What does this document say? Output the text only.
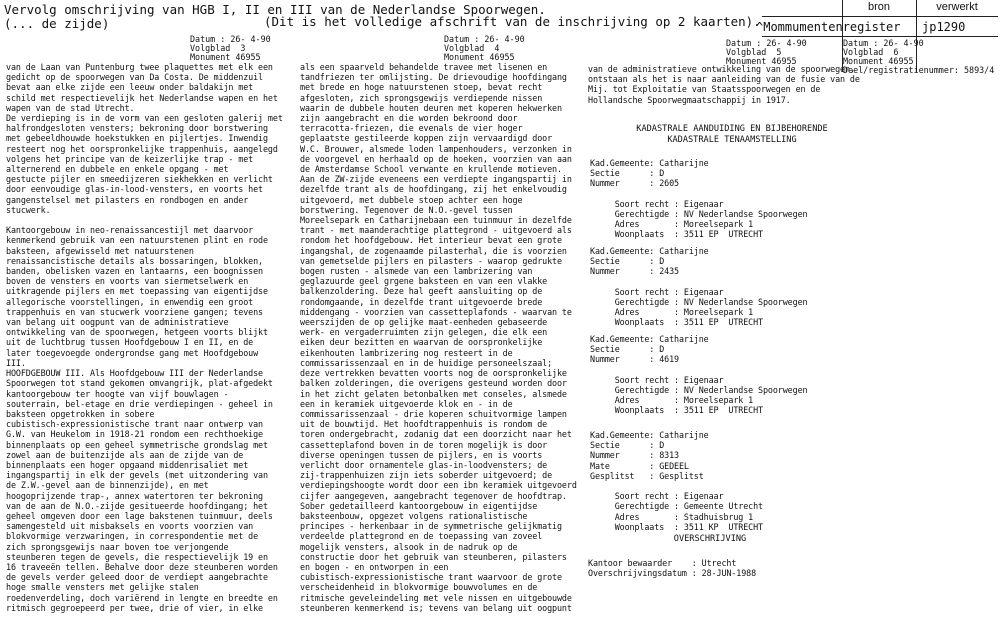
Vervolg omschrijving van HGB I, II en III van de Nederlandse Spoorwegen.
(... de zijde)	(Dit is het volledige afschrift van de inschrijving op 2 kaarten).
bron	verwerkt
^Mommumentenregister jp1290
Datum : 26- 4-90
Volgblad  3
Monument 46955
Datum : 26- 4-90
Volgblad  4
Monument 46955
Datum : 26- 4-90
Volgblad  5
Monument 46955
Datum : 26- 4-90
Volgblad  6
Monument 46955
Deel/registratienummer: 5893/4
van de Laan van Puntenburg twee plaquettes met elk een
gedicht op de spoorwegen van Da Costa. De middenzuil
bevat aan elke zijde een leeuw onder baldakijn met
schild met respectievelijk het Nederlandse wapen en het
wapen van de stad Utrecht.
De verdieping is in de vorm van een gesloten galerij met
halfrondgesloten vensters; bekroning door borstwering
met gebeeldhouwde hoekstukken en pijlertjes. Inwendig
resteert nog het oorspronkelijke trappenhuis, aangelegd
volgens het principe van de keizerlijke trap - met
alternerend en dubbele en enkele opgang - met
gestucte pijler en smeedijzeren siekhekken en verlicht
door eenvoudige glas-in-lood-vensters, en voorts het
gangenstelsel met pilasters en rondbogen en ander
stucwerk.

Kantoorgebouw in neo-renaissancestijl met daarvoor
kenmerkend gebruik van een natuurstenen plint en rode
baksteen, afgewisseld met natuurstenen
renaissancistische details als bossaringen, blokken,
banden, obelisken vazen en lantaarns, een boognissen
boven de vensters en voorts van siermetselwerk en
uitkragende pijlers en met toepassing van eigentijdse
allegorische voorstellingen, in enwendig een groot
trappenhuis en van stucwerk voorziene gangen; tevens
van belang uit oogpunt van de administratieve
ontwikkeling van de spoorwegen, hetgeen voorts blijkt
uit de luchtbrug tussen Hoofdgebouw I en II, en de
later toegevoegde ondergrondse gang met Hoofdgebouw
III.
HOOFDGEBOUW III. Als Hoofdgebouw III der Nederlandse
Spoorwegen tot stand gekomen omvangrijk, plat-afgedekt
kantoorgebouw ter hoogte van vijf bouwlagen -
souterrain, bel-etage en drie verdiepingen - geheel in
baksteen opgetrokken in sobere
cubistisch-expressionistische trant naar ontwerp van
G.W. van Heukelom in 1918-21 rondom een rechthoekige
binnenplaats op een geheel symmetrische grondslag met
zowel aan de buitenzijde als aan de zijde van de
binnenplaats een hoger opgaand middenrisaliet met
ingangspartij in elk der gevels (met uitzondering van
de Z.W.-gevel aan de binnenzijde), en met
hoogoprijzende trap-, annex watertoren ter bekroning
van de aan de N.O.-zijde gesitueerde hoofdingang; het
geheel omgeven door een lage bakstenen tuinmuur, deels
samengesteld uit misbaksels en voorts voorzien van
blokvormige verzwaringen, in correspondentie met de
zich sprongsgewijs naar boven toe verjongende
steunberen tegen de gevels, die respectievelijk 19 en
16 traveeën tellen. Behalve door deze steunberen worden
de gevels verder geleed door de verdiept aangebrachte
hoge smalle vensters met gelijke stalen
roedenverdeling, doch variërend in lengte en breedte en
ritmisch gegroepeerd per twee, drie of vier, in elke
als een spaarveld behandelde travee met lisenen en
tandfriezen ter omlijsting. De drievoudige hoofdingang
met brede en hoge natuurstenen stoep, bevat recht
afgesloten, zich sprongsgewijs verdiepende nissen
waarin de dubbele houten deuren met koperen hekwerken
zijn aangebracht en die worden bekroond door
terracotta-friezen, die evenals de vier hoger
geplaatste gestileerde koppen zijn vervaardigd door
W.C. Brouwer, alsmede loden lampenhouders, verzonken in
de voorgevel en herhaald op de hoeken, voorzien van aan
de Amsterdamse School verwante en krullende motieven.
Aan de ZW-zijde eveneens een verdiepte ingangspartij in
dezelfde trant als de hoofdingang, zij het enkelvoudig
uitgevoerd, met dubbele stoep achter een hoge
borstwering. Tegenover de N.O.-gevel tussen
Moreelsepark en Catharijnebaan een tuinmuur in dezelfde
trant - met maanderachtige plattegrond - uitgevoerd als
rondom het hoofdgebouw. Het interieur bevat een grote
ingangshal, de zogenaamde pilasterhal, die is voorzien
van gemetselde pijlers en pilasters - waarop gedrukte
bogen rusten - alsmede van een lambrizering van
geglazuurde geel grgene baksteen en van een vlakke
balkenzoldering. Deze hal geeft aansluiting op de
rondomgaande, in dezelfde trant uitgevoerde brede
middengang - voorzien van cassetteplafonds - waarvan te
weerszijden de op gelijke maat-eenheden gebaseerde
werk- en vergaderruimten zijn gelegen, die elk een
eiken deur bezitten en waarvan de oorspronkelijke
eikenhouten lambrizering nog resteert in de
commissarissenzaal en in de huidige personeelszaal;
deze vertrekken bevatten voorts nog de oorspronkelijke
balken zolderingen, die overigens gesteund worden door
in het zicht gelaten betonbalken met conseles, alsmede
een in keramiek uitgevoerde klok en - in de
commissarissenzaal - drie koperen schuitvormige lampen
uit de bouwtijd. Het hoofdtrappenhuis is rondom de
toren ondergebracht, zodanig dat een doorzicht naar het
cassetteplafond boven in de toren mogelijk is door
diverse openingen tussen de pijlers, en is voorts
verlicht door ornamentele glas-in-loodvensters; de
zij-trappenhuizen zijn iets soberder uitgevoerd; de
verdiepingshoogte wordt door een ibn keramiek uitgevoerd
cijfer aangegeven, aangebracht tegenover de hoofdtrap.
Sober gedetailleerd kantoorgebouw in eigentijdse
baksteenbouw, opgezet volgens rationalistische
principes - herkenbaar in de symmetrische gelijkmatig
verdeelde plattegrond en de toepassing van zoveel
mogelijk vensters, alsook in de nadruk op de
constructie door het gebruik van steunberen, pilasters
en bogen - en ontworpen in een
cubistisch-expressionistische trant waarvoor de grote
verscheidenheid in blokvormige bouwvolumes en de
ritmische geveleindeling met vele nissen en uitgebouwde
steunberen kenmerkend is; tevens van belang uit oogpunt
van de administratieve ontwikkeling van de spoorwegen,
ontstaan als het is naar aanleiding van de fusie van de
Mij. tot Exploitatie van Staatsspoorwegen en de
Hollandsche Spoorwegmaatschappij in 1917.
KADASTRALE AANDUIDING EN BIJBEHORENDE
KADASTRALE TENAAMSTELLING
Kad.Gemeente: Catharijne
Sectie      : D
Nummer      : 2605

Soort recht : Eigenaar
Gerechtigde : NV Nederlandse Spoorwegen
Adres       : Moreelsepark 1
Woonplaats  : 3511 EP  UTRECHT
Kad.Gemeente: Catharijne
Sectie      : D
Nummer      : 2435

Soort recht : Eigenaar
Gerechtigde : NV Nederlandse Spoorwegen
Adres       : Moreelsepark 1
Woonplaats  : 3511 EP  UTRECHT
Kad.Gemeente: Catharijne
Sectie      : D
Nummer      : 4619

Soort recht : Eigenaar
Gerechtigde : NV Nederlandse Spoorwegen
Adres       : Moreelsepark 1
Woonplaats  : 3511 EP  UTRECHT
Kad.Gemeente: Catharijne
Sectie      : D
Nummer      : 8313
Mate        : GEDEEL
Gesplitst   : Gesplitst

Soort recht : Eigenaar
Gerechtigde : Gemeente Utrecht
Adres       : Stadhuisbrug 1
Woonplaats  : 3511 KP  UTRECHT
OVERSCHRIJVING
Kantoor bewaarder    : Utrecht
Overschrijvingsdatum : 28-JUN-1988
